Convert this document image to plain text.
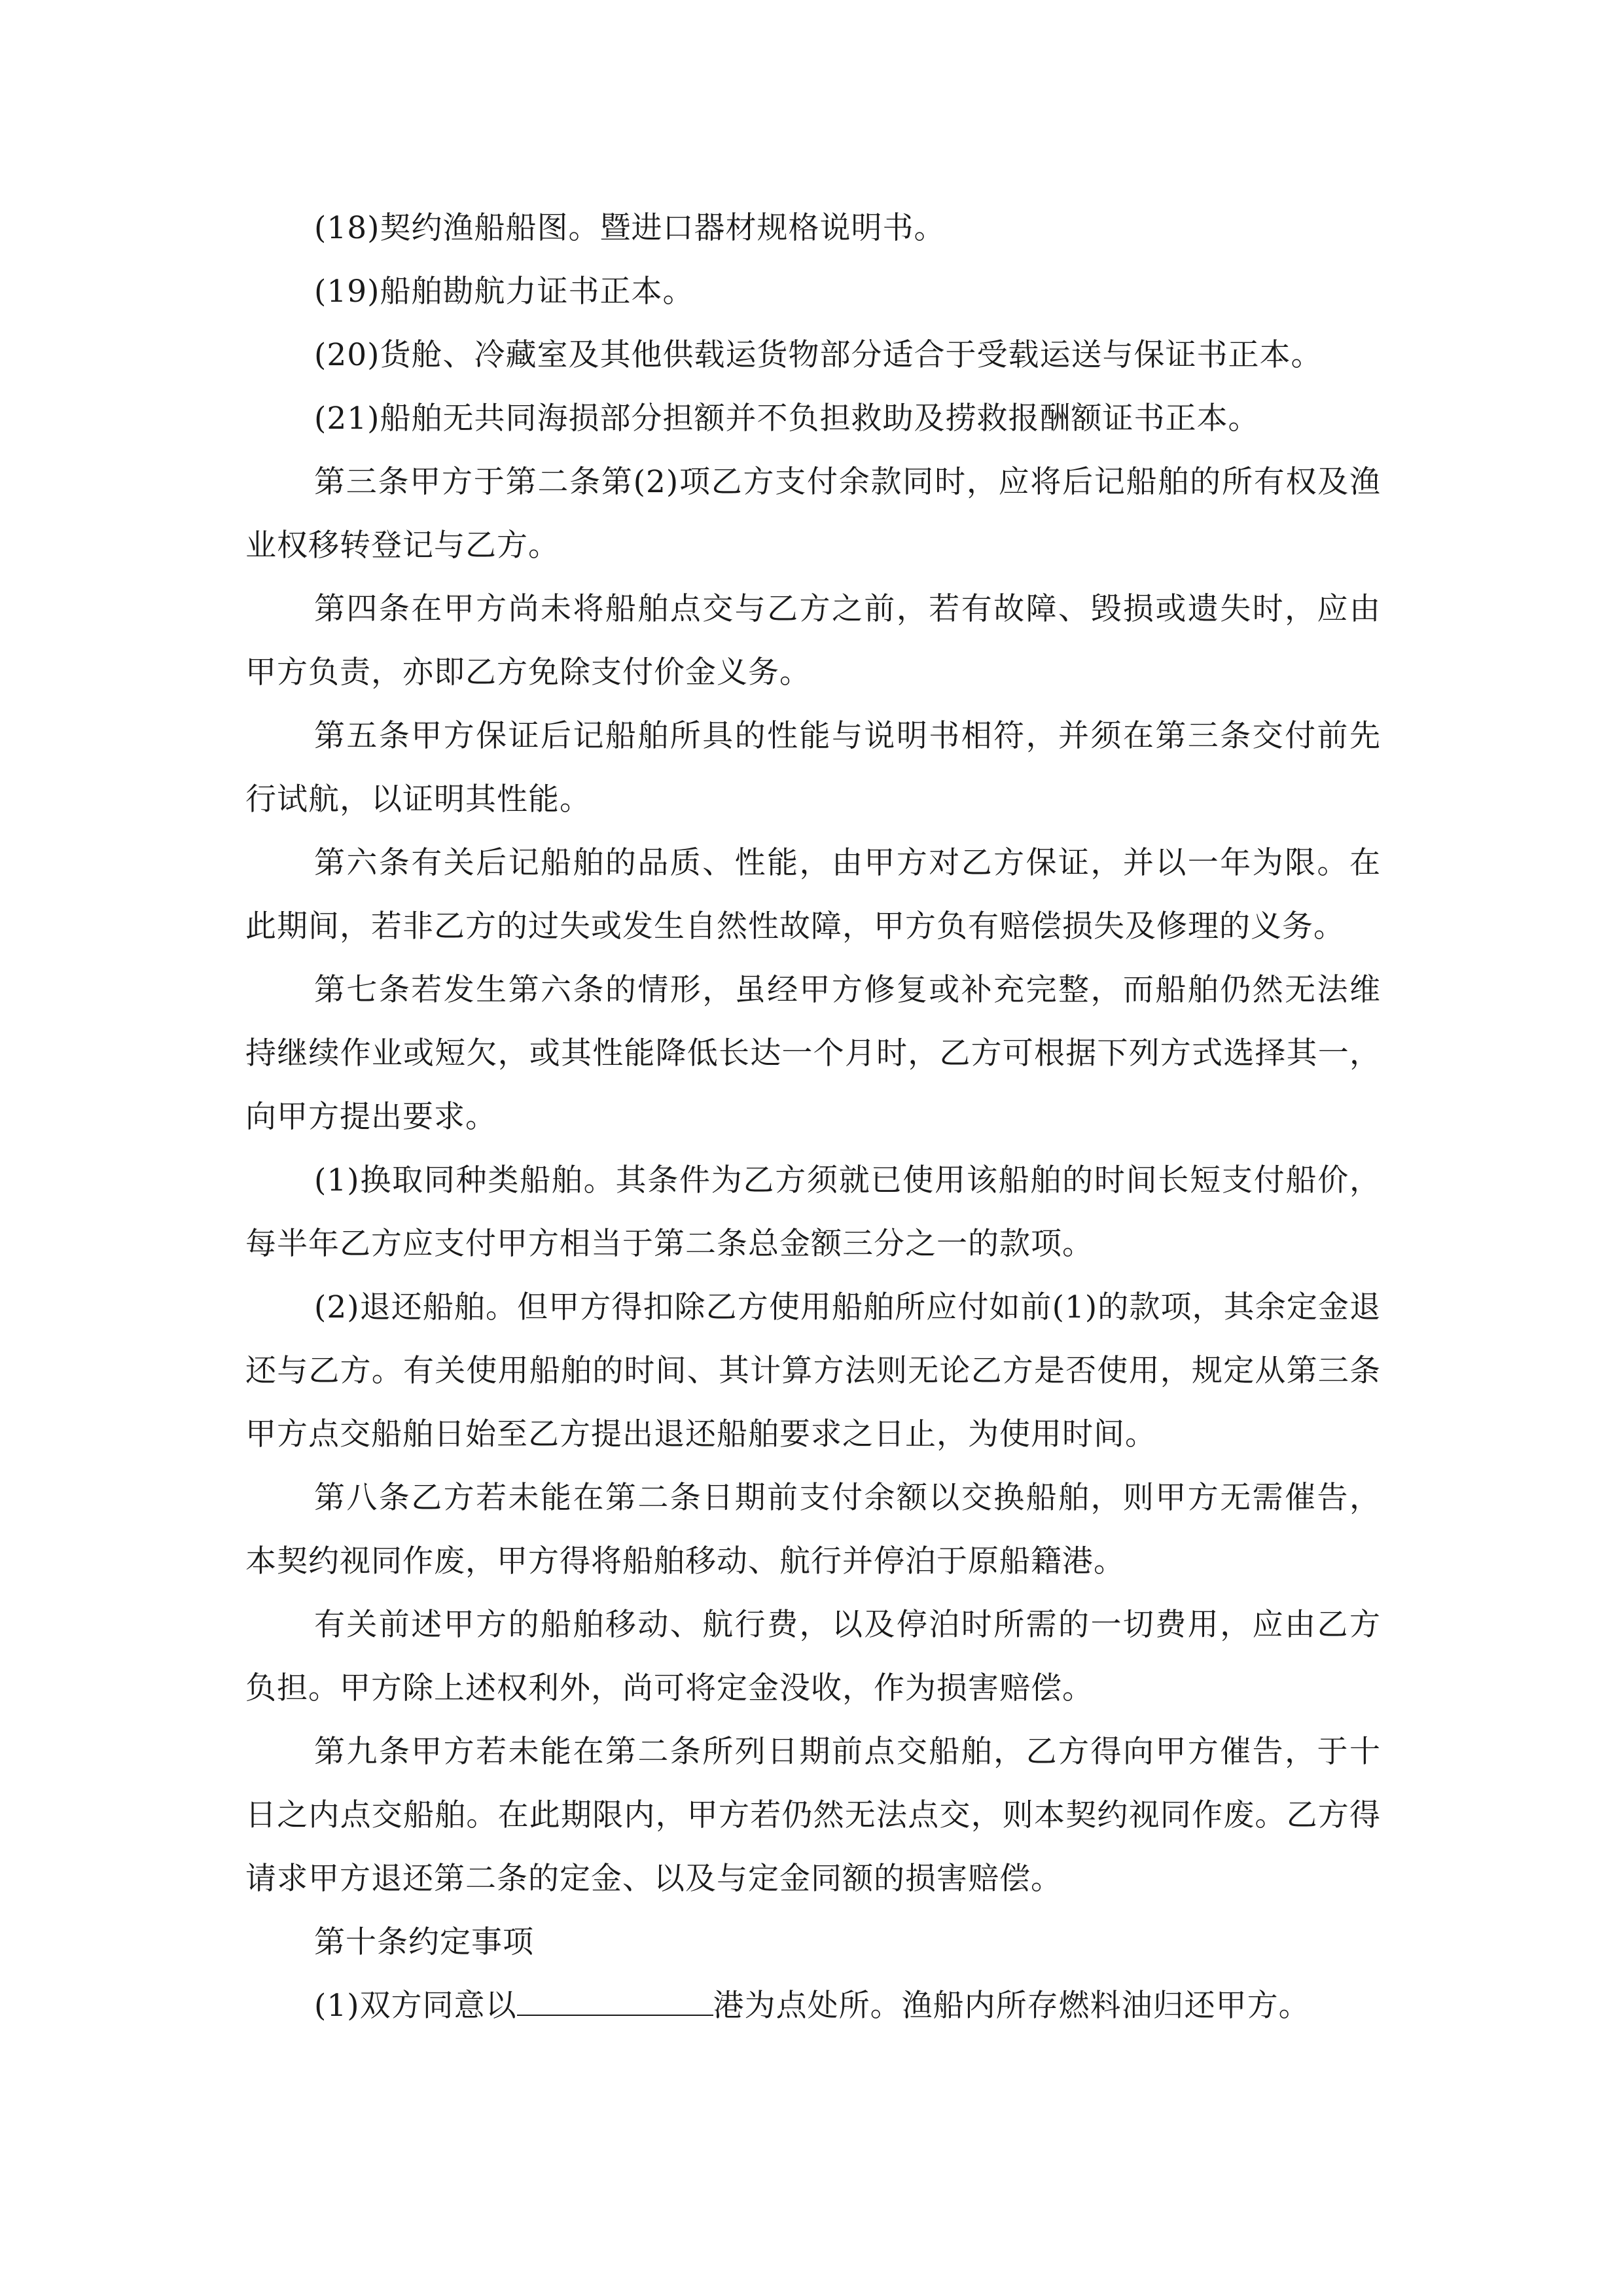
(18)契约渔船船图。暨进口器材规格说明书。

(19)船舶勘航力证书正本。

(20)货舱、冷藏室及其他供载运货物部分适合于受载运送与保证书正本。

(21)船舶无共同海损部分担额并不负担救助及捞救报酬额证书正本。

第三条甲方于第二条第(2)项乙方支付余款同时，应将后记船舶的所有权及渔业权移转登记与乙方。

第四条在甲方尚未将船舶点交与乙方之前，若有故障、毁损或遗失时，应由甲方负责，亦即乙方免除支付价金义务。

第五条甲方保证后记船舶所具的性能与说明书相符，并须在第三条交付前先行试航，以证明其性能。

第六条有关后记船舶的品质、性能，由甲方对乙方保证，并以一年为限。在此期间，若非乙方的过失或发生自然性故障，甲方负有赔偿损失及修理的义务。

第七条若发生第六条的情形，虽经甲方修复或补充完整，而船舶仍然无法维持继续作业或短欠，或其性能降低长达一个月时，乙方可根据下列方式选择其一，向甲方提出要求。

(1)换取同种类船舶。其条件为乙方须就已使用该船舶的时间长短支付船价，每半年乙方应支付甲方相当于第二条总金额三分之一的款项。

(2)退还船舶。但甲方得扣除乙方使用船舶所应付如前(1)的款项，其余定金退还与乙方。有关使用船舶的时间、其计算方法则无论乙方是否使用，规定从第三条甲方点交船舶日始至乙方提出退还船舶要求之日止，为使用时间。

第八条乙方若未能在第二条日期前支付余额以交换船舶，则甲方无需催告，本契约视同作废，甲方得将船舶移动、航行并停泊于原船籍港。

有关前述甲方的船舶移动、航行费，以及停泊时所需的一切费用，应由乙方负担。甲方除上述权利外，尚可将定金没收，作为损害赔偿。

第九条甲方若未能在第二条所列日期前点交船舶，乙方得向甲方催告，于十日之内点交船舶。在此期限内，甲方若仍然无法点交，则本契约视同作废。乙方得请求甲方退还第二条的定金、以及与定金同额的损害赔偿。

第十条约定事项

(1)双方同意以	港为点处所。渔船内所存燃料油归还甲方。
